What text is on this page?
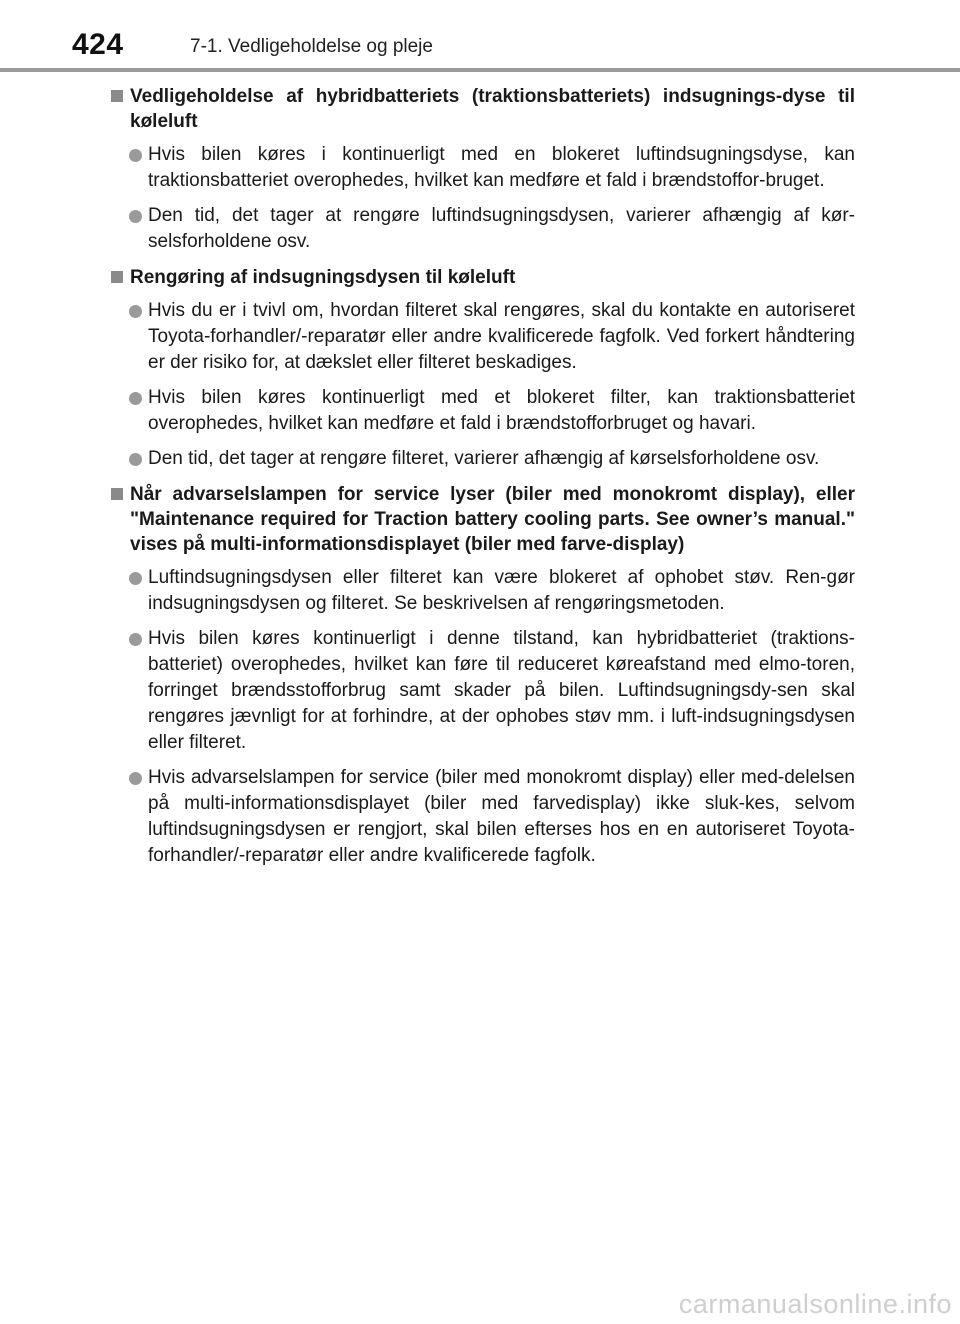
424	7-1. Vedligeholdelse og pleje
Vedligeholdelse af hybridbatteriets (traktionsbatteriets) indsugnings-dyse til køleluft
Hvis bilen køres i kontinuerligt med en blokeret luftindsugningsdyse, kan traktionsbatteriet overophedes, hvilket kan medføre et fald i brændstoffor-bruget.
Den tid, det tager at rengøre luftindsugningsdysen, varierer afhængig af kør-selsforholdene osv.
Rengøring af indsugningsdysen til køleluft
Hvis du er i tvivl om, hvordan filteret skal rengøres, skal du kontakte en autoriseret Toyota-forhandler/-reparatør eller andre kvalificerede fagfolk. Ved forkert håndtering er der risiko for, at dækslet eller filteret beskadiges.
Hvis bilen køres kontinuerligt med et blokeret filter, kan traktionsbatteriet overophedes, hvilket kan medføre et fald i brændstofforbruget og havari.
Den tid, det tager at rengøre filteret, varierer afhængig af kørselsforholdene osv.
Når advarselslampen for service lyser (biler med monokromt display), eller "Maintenance required for Traction battery cooling parts. See owner’s manual." vises på multi-informationsdisplayet (biler med farve-display)
Luftindsugningsdysen eller filteret kan være blokeret af ophobet støv. Ren-gør indsugningsdysen og filteret. Se beskrivelsen af rengøringsmetoden.
Hvis bilen køres kontinuerligt i denne tilstand, kan hybridbatteriet (traktions-batteriet) overophedes, hvilket kan føre til reduceret køreafstand med elmo-toren, forringet brændsstofforbrug samt skader på bilen. Luftindsugningsdy-sen skal rengøres jævnligt for at forhindre, at der ophobes støv mm. i luft-indsugningsdysen eller filteret.
Hvis advarselslampen for service (biler med monokromt display) eller med-delelsen på multi-informationsdisplayet (biler med farvedisplay) ikke sluk-kes, selvom luftindsugningsdysen er rengjort, skal bilen efterses hos en en autoriseret Toyota-forhandler/-reparatør eller andre kvalificerede fagfolk.
carmanualsonline.info
